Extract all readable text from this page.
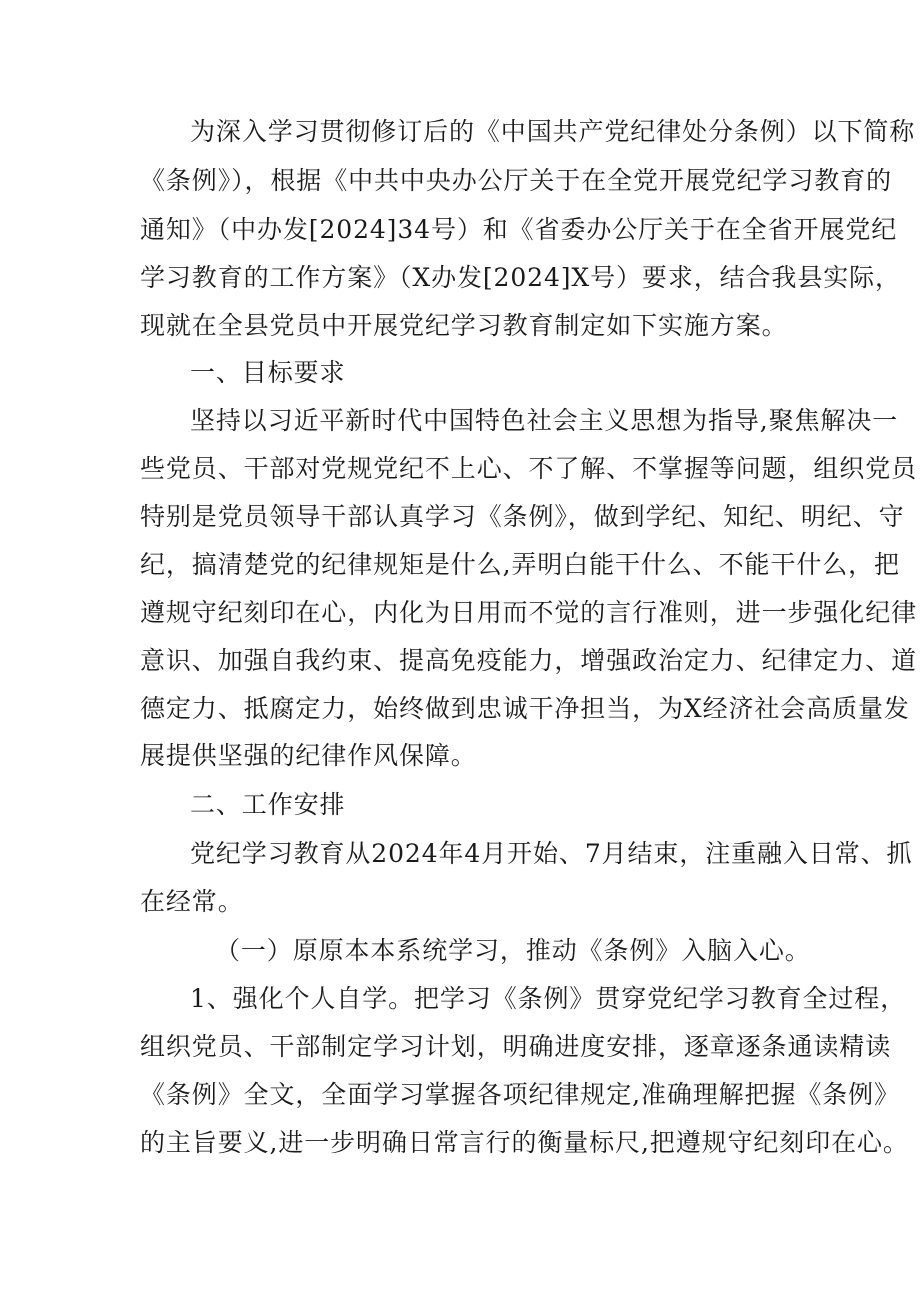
为深入学习贯彻修订后的《中国共产党纪律处分条例）以下简称
《条例》），根据《中共中央办公厅关于在全党开展党纪学习教育的
通知》（中办发[2024]34号）和《省委办公厅关于在全省开展党纪
学习教育的工作方案》（X办发[2024]X号）要求，结合我县实际，
现就在全县党员中开展党纪学习教育制定如下实施方案。
一、目标要求
坚持以习近平新时代中国特色社会主义思想为指导,聚焦解决一
些党员、干部对党规党纪不上心、不了解、不掌握等问题，组织党员
特别是党员领导干部认真学习《条例》，做到学纪、知纪、明纪、守
纪，搞清楚党的纪律规矩是什么,弄明白能干什么、不能干什么，把
遵规守纪刻印在心，内化为日用而不觉的言行准则，进一步强化纪律
意识、加强自我约束、提高免疫能力，增强政治定力、纪律定力、道
德定力、抵腐定力，始终做到忠诚干净担当，为X经济社会高质量发
展提供坚强的纪律作风保障。
二、工作安排
党纪学习教育从2024年4月开始、7月结束，注重融入日常、抓
在经常。
（一）原原本本系统学习，推动《条例》入脑入心。
1、强化个人自学。把学习《条例》贯穿党纪学习教育全过程，
组织党员、干部制定学习计划，明确进度安排，逐章逐条通读精读
《条例》全文，全面学习掌握各项纪律规定,准确理解把握《条例》
的主旨要义,进一步明确日常言行的衡量标尺,把遵规守纪刻印在心。
